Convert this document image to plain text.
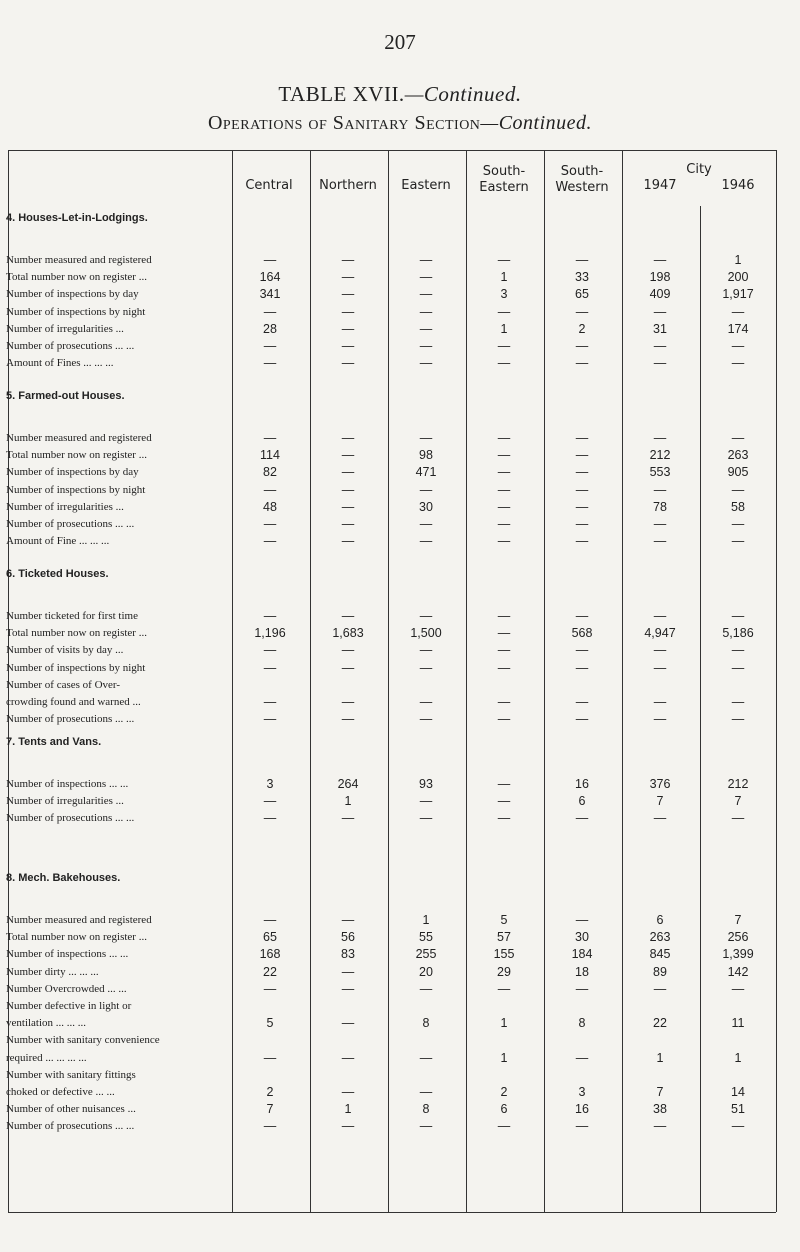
207
TABLE XVII.—Continued.
Operations of Sanitary Section—Continued.
4. Houses-Let-in-Lodgings.
Number measured and registered	—	—	—	—	—	—	1
Total number now on register ...	164	—	—	1	33	198	200
Number of inspections by day	341	—	—	3	65	409	1,917
Number of inspections by night	—	—	—	—	—	—	—
Number of irregularities ...	28	—	—	1	2	31	174
Number of prosecutions ... ...	—	—	—	—	—	—	—
Amount of Fines ... ... ...	—	—	—	—	—	—	—
5. Farmed-out Houses.
Number measured and registered	—	—	—	—	—	—	—
Total number now on register ...	114	—	98	—	—	212	263
Number of inspections by day	82	—	471	—	—	553	905
Number of inspections by night	—	—	—	—	—	—	—
Number of irregularities ...	48	—	30	—	—	78	58
Number of prosecutions ... ...	—	—	—	—	—	—	—
Amount of Fine ... ... ...	—	—	—	—	—	—	—
6. Ticketed Houses.
Number ticketed for first time	—	—	—	—	—	—	—
Total number now on register ...	1,196	1,683	1,500	—	568	4,947	5,186
Number of visits by day ...	—	—	—	—	—	—	—
Number of inspections by night	—	—	—	—	—	—	—
Number of cases of Over-
crowding found and warned ...	—	—	—	—	—	—	—
Number of prosecutions ... ...	—	—	—	—	—	—	—
7. Tents and Vans.
Number of inspections ... ...	3	264	93	—	16	376	212
Number of irregularities ...	—	1	—	—	6	7	7
Number of prosecutions ... ...	—	—	—	—	—	—	—
8. Mech. Bakehouses.
Number measured and registered	—	—	1	5	—	6	7
Total number now on register ...	65	56	55	57	30	263	256
Number of inspections ... ...	168	83	255	155	184	845	1,399
Number dirty ... ... ...	22	—	20	29	18	89	142
Number Overcrowded ... ...	—	—	—	—	—	—	—
Number defective in light or
ventilation ... ... ...	5	—	8	1	8	22	11
Number with sanitary convenience
required ... ... ... ...	—	—	—	1	—	1	1
Number with sanitary fittings
choked or defective ... ...	2	—	—	2	3	7	14
Number of other nuisances ...	7	1	8	6	16	38	51
Number of prosecutions ... ...	—	—	—	—	—	—	—
Central	Northern	Eastern
South-
Eastern
South-
Western
City
1947	1946
